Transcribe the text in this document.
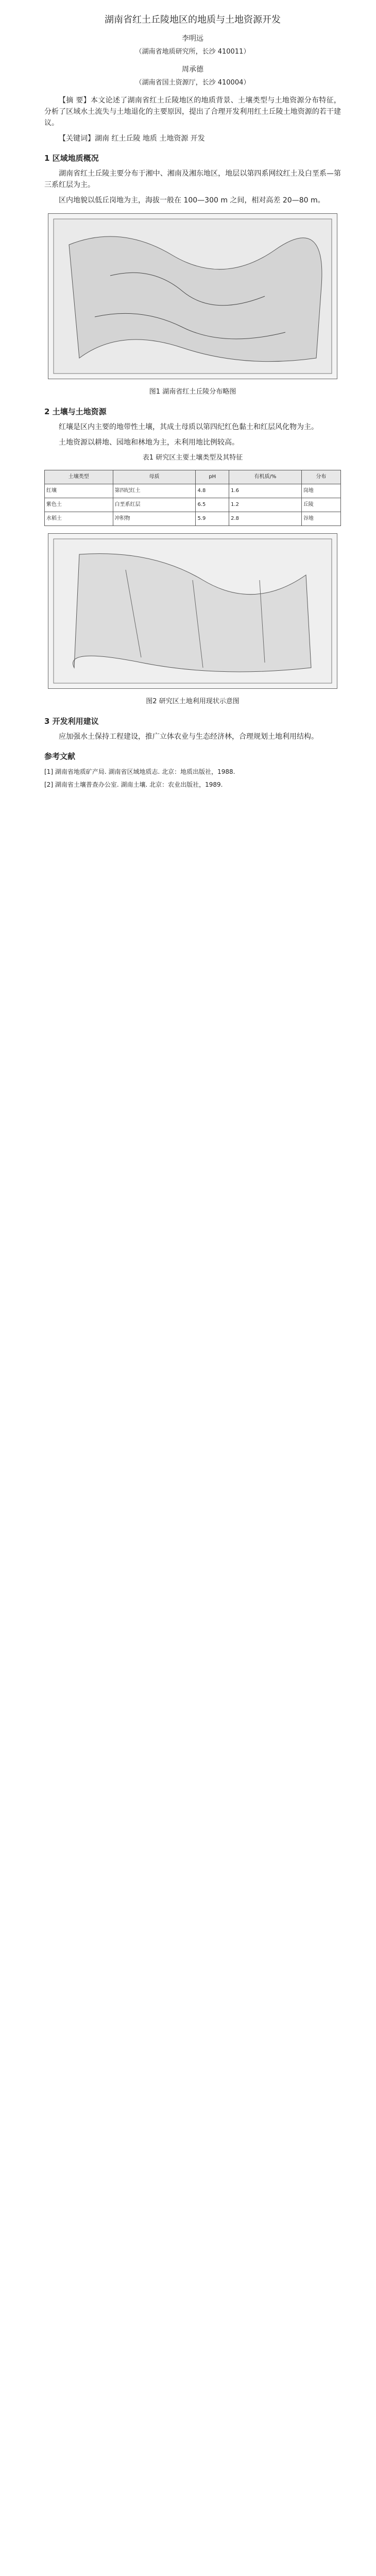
湖南省红土丘陵地区的地质与土地资源开发
李明远
（湖南省地质研究所，长沙 410011）
周承德
（湖南省国土资源厅，长沙 410004）
【摘 要】本文论述了湖南省红土丘陵地区的地质背景、土壤类型与土地资源分布特征，分析了区域水土流失与土地退化的主要原因，提出了合理开发利用红土丘陵土地资源的若干建议。
【关键词】湖南 红土丘陵 地质 土地资源 开发
1 区域地质概况

湖南省红土丘陵主要分布于湘中、湘南及湘东地区，地层以第四系网纹红土及白垩系—第三系红层为主。

区内地貌以低丘岗地为主，海拔一般在 100—300 m 之间，相对高差 20—80 m。

图1 湖南省红土丘陵分布略图
2 土壤与土地资源

红壤是区内主要的地带性土壤，其成土母质以第四纪红色黏土和红层风化物为主。

土地资源以耕地、园地和林地为主，未利用地比例较高。

表1 研究区主要土壤类型及其特征
土壤类型	母质	pH	有机质/%	分布
红壤	第四纪红土	4.8	1.6	岗地
紫色土	白垩系红层	6.5	1.2	丘陵
水稻土	冲积物	5.9	2.8	谷地
图2 研究区土地利用现状示意图
3 开发利用建议

应加强水土保持工程建设，推广立体农业与生态经济林，合理规划土地利用结构。

参考文献
[1] 湖南省地质矿产局. 湖南省区域地质志. 北京：地质出版社，1988.
[2] 湖南省土壤普查办公室. 湖南土壤. 北京：农业出版社，1989.
